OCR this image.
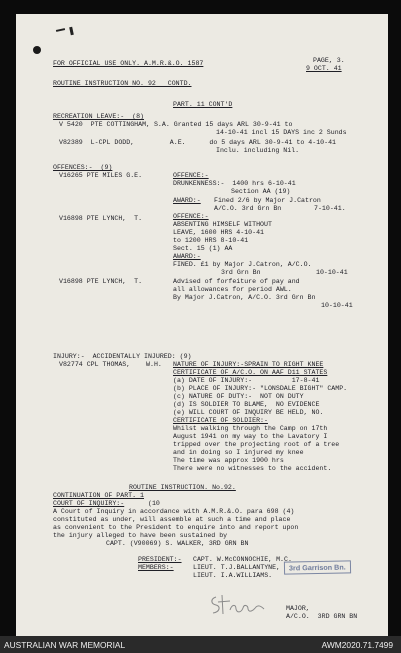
FOR OFFICIAL USE ONLY. A.M.R.&.O. 1587	PAGE, 3.
9 OCT. 41
ROUTINE INSTRUCTION NO. 92   CONTD.
PART. 11 CONT'D
RECREATION LEAVE:-  (8)
V 5420  PTE COTTINGHAM, S.A. Granted 15 days ARL 30-9-41 to
14-10-41 incl 15 DAYS inc 2 Sunds
V82389  L-CPL DODD,         A.E.      do 5 days ARL 30-9-41 to 4-10-41
Inclu. including Nil.
OFFENCES:-  (9)
V16265 PTE MILES G.E.	OFFENCE:-
DRUNKENNESS:-  1400 hrs 6-10-41
Section AA (19)
AWARD:- Fined 2/6 by Major J.Catron
A/C.O. 3rd Grn Bn	7-10-41.
V16898 PTE LYNCH,  T.	OFFENCE:-
ABSENTING HIMSELF WITHOUT
LEAVE, 1600 HRS 4-10-41
to 1200 HRS 8-10-41
Sect. 15 (1) AA
AWARD:-
FINED. £1 by Major J.Catron, A/C.O.
3rd Grn Bn	10-10-41
V16898 PTE LYNCH,  T.	Advised of forfeiture of pay and
all allowances for period AWL.
By Major J.Catron, A/C.O. 3rd Grn Bn
10-10-41
INJURY:-  ACCIDENTALLY INJURED: (9)
V82774 CPL THOMAS,    W.H. NATURE OF INJURY:-SPRAIN TO RIGHT KNEE
CERTIFICATE OF A/C.O. ON AAF D11 STATES
(a) DATE OF INJURY:-          17-8-41
(b) PLACE OF INJURY:- "LONSDALE BIGHT" CAMP.
(c) NATURE OF DUTY:-  NOT ON DUTY
(d) IS SOLDIER TO BLAME,  NO EVIDENCE
(e) WILL COURT OF INQUIRY BE HELD, NO.
CERTIFICATE OF SOLDIER:-
Whilst walking through the Camp on 17th
August 1941 on my way to the Lavatory I
tripped over the projecting root of a tree
and in doing so I injured my knee
The time was approx 1900 hrs
There were no witnesses to the accident.
ROUTINE INSTRUCTION. No.92.
CONTINUATION OF PART. 1
COURT OF INQUIRY:-	(10
A Court of Inquiry in accordance with A.M.R.&.O. para 698 (4)
constituted as under, will assemble at such a time and place
as convenient to the President to enquire into and report upon
the injury alleged to have been sustained by
CAPT. (V90069) S. WALKER, 3RD GRN BN
PRESIDENT:- CAPT. W.McCONNOCHIE, M.C.
MEMBERS:-	LIEUT. T.J.BALLANTYNE,
LIEUT. I.A.WILLIAMS.
3rd Garrison Bn.
MAJOR,
A/C.O.  3RD GRN BN
AUSTRALIAN WAR MEMORIAL	AWM2020.71.7499
